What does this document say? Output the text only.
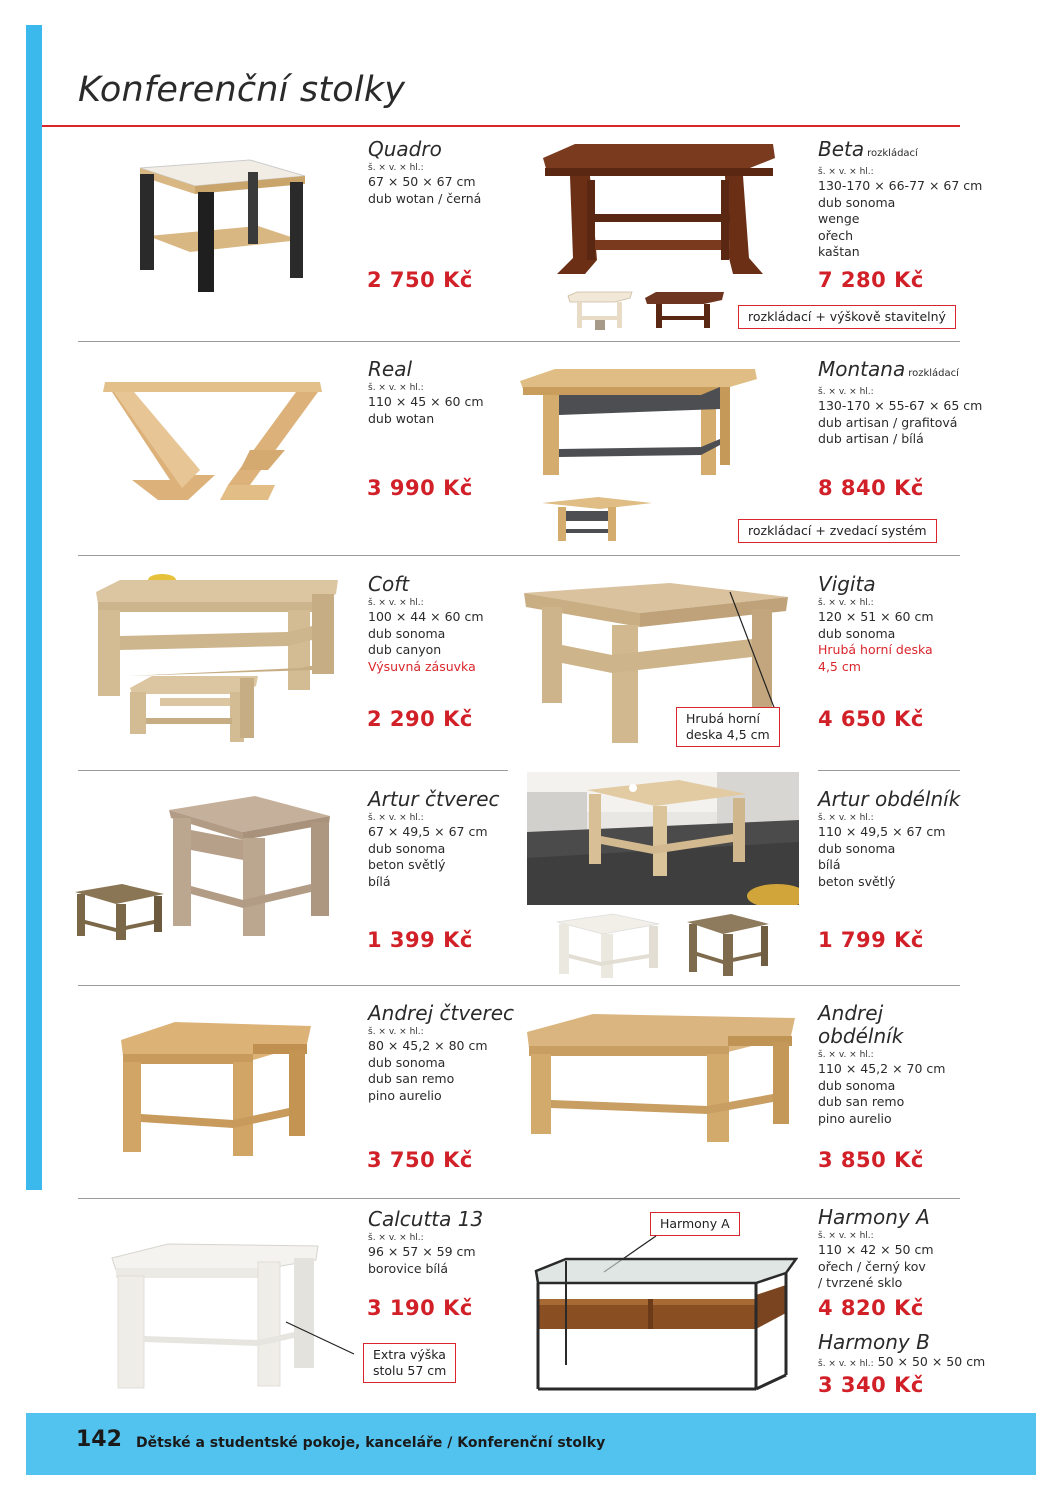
Konferenční stolky
Quadro
š. × v. × hl.:
67 × 50 × 67 cm
dub wotan / černá
2 750 Kč
rozkládací + výškově stavitelný
Beta rozkládací
š. × v. × hl.:
130-170 × 66-77 × 67 cm
dub sonoma
wenge
ořech
kaštan
7 280 Kč
Real
š. × v. × hl.:
110 × 45 × 60 cm
dub wotan
3 990 Kč
rozkládací + zvedací systém
Montana rozkládací
š. × v. × hl.:
130-170 × 55-67 × 65 cm
dub artisan / grafitová
dub artisan / bílá
8 840 Kč
Coft
š. × v. × hl.:
100 × 44 × 60 cm
dub sonoma
dub canyon
Výsuvná zásuvka
2 290 Kč	Hrubá horní
deska 4,5 cm
Vigita
š. × v. × hl.:
120 × 51 × 60 cm
dub sonoma
Hrubá horní deska
4,5 cm
4 650 Kč
Artur čtverec
š. × v. × hl.:
67 × 49,5 × 67 cm
dub sonoma
beton světlý
bílá
1 399 Kč
Artur obdélník
š. × v. × hl.:
110 × 49,5 × 67 cm
dub sonoma
bílá
beton světlý
1 799 Kč
Andrej čtverec
š. × v. × hl.:
80 × 45,2 × 80 cm
dub sonoma
dub san remo
pino aurelio
3 750 Kč
Andrej
obdélník
š. × v. × hl.:
110 × 45,2 × 70 cm
dub sonoma
dub san remo
pino aurelio
3 850 Kč
Extra výška
stolu 57 cm
Calcutta 13
š. × v. × hl.:
96 × 57 × 59 cm
borovice bílá
3 190 Kč
Harmony A	Harmony A
š. × v. × hl.:
110 × 42 × 50 cm
ořech / černý kov
/ tvrzené sklo
4 820 Kč
Harmony B
š. × v. × hl.: 50 × 50 × 50 cm
3 340 Kč
142 Dětské a studentské pokoje, kanceláře / Konferenční stolky
